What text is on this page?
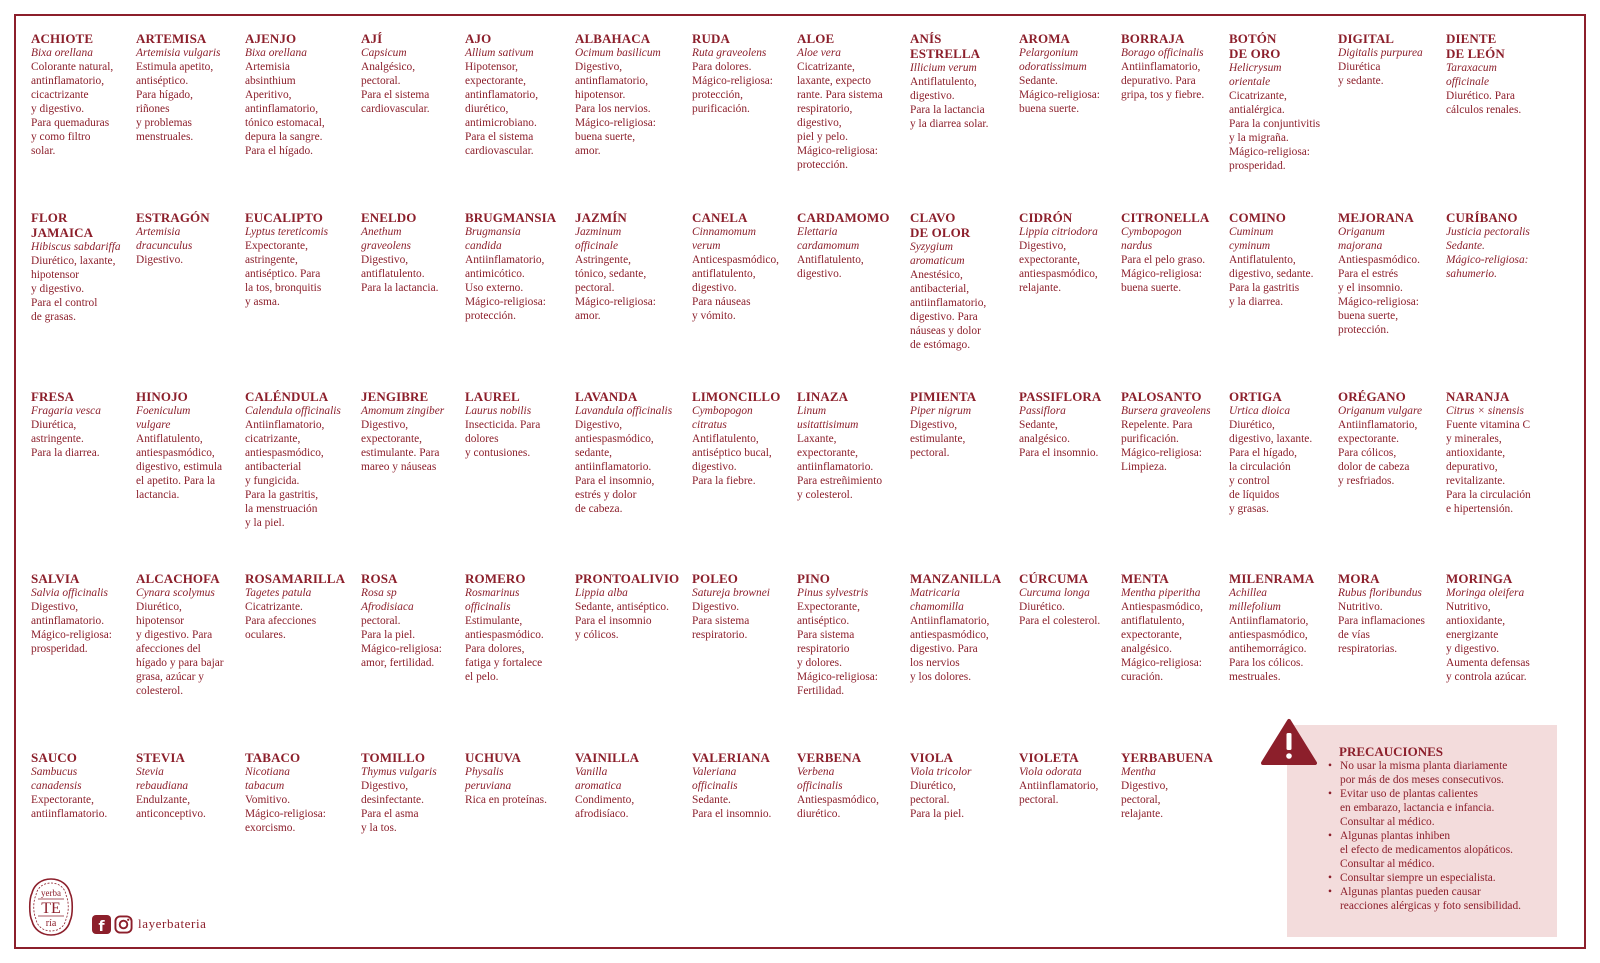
ACHIOTE
Bixa orellana
Colorante natural,
antinflamatorio,
cicactrizante
y digestivo.
Para quemaduras
y como filtro
solar.
ARTEMISA
Artemisia vulgaris
Estimula apetito,
antiséptico.
Para hígado,
riñones
y problemas
menstruales.
AJENJO
Bixa orellana
Artemisia
absinthium
Aperitivo,
antinflamatorio,
tónico estomacal,
depura la sangre.
Para el hígado.
AJÍ
Capsicum
Analgésico,
pectoral.
Para el sistema
cardiovascular.
AJO
Allium sativum
Hipotensor,
expectorante,
antinflamatorio,
diurético,
antimicrobiano.
Para el sistema
cardiovascular.
ALBAHACA
Ocimum basilicum
Digestivo,
antinflamatorio,
hipotensor.
Para los nervios.
Mágico-religiosa:
buena suerte,
amor.
RUDA
Ruta graveolens
Para dolores.
Mágico-religiosa:
protección,
purificación.
ALOE
Aloe vera
Cicatrizante,
laxante, expecto
rante. Para sistema
respiratorio,
digestivo,
piel y pelo.
Mágico-religiosa:
protección.
ANÍS
ESTRELLA
Illicium verum
Antiflatulento,
digestivo.
Para la lactancia
y la diarrea solar.
AROMA
Pelargonium
odoratissimum
Sedante.
Mágico-religiosa:
buena suerte.
BORRAJA
Borago officinalis
Antiinflamatorio,
depurativo. Para
gripa, tos y fiebre.
BOTÓN
DE ORO
Helicrysum
orientale
Cicatrizante,
antialérgica.
Para la conjuntivitis
y la migraña.
Mágico-religiosa:
prosperidad.
DIGITAL
Digitalis purpurea
Diurética
y sedante.
DIENTE
DE LEÓN
Taraxacum
officinale
Diurético. Para
cálculos renales.
FLOR
JAMAICA
Hibiscus sabdariffa
Diurético, laxante,
hipotensor
y digestivo.
Para el control
de grasas.
ESTRAGÓN
Artemisia
dracunculus
Digestivo.
EUCALIPTO
Lyptus tereticomis
Expectorante,
astringente,
antiséptico. Para
la tos, bronquitis
y asma.
ENELDO
Anethum
graveolens
Digestivo,
antiflatulento.
Para la lactancia.
BRUGMANSIA
Brugmansia
candida
Antiinflamatorio,
antimicótico.
Uso externo.
Mágico-religiosa:
protección.
JAZMÍN
Jazminum
officinale
Astringente,
tónico, sedante,
pectoral.
Mágico-religiosa:
amor.
CANELA
Cinnamomum
verum
Anticespasmódico,
antiflatulento,
digestivo.
Para náuseas
y vómito.
CARDAMOMO
Elettaria
cardamomum
Antiflatulento,
digestivo.
CLAVO
DE OLOR
Syzygium
aromaticum
Anestésico,
antibacterial,
antiinflamatorio,
digestivo. Para
náuseas y dolor
de estómago.
CIDRÓN
Lippia citriodora
Digestivo,
expectorante,
antiespasmódico,
relajante.
CITRONELLA
Cymbopogon
nardus
Para el pelo graso.
Mágico-religiosa:
buena suerte.
COMINO
Cuminum
cyminum
Antiflatulento,
digestivo, sedante.
Para la gastritis
y la diarrea.
MEJORANA
Origanum
majorana
Antiespasmódico.
Para el estrés
y el insomnio.
Mágico-religiosa:
buena suerte,
protección.
CURÍBANO
Justicia pectoralis
Sedante.
Mágico-religiosa:
sahumerio.
FRESA
Fragaria vesca
Diurética,
astringente.
Para la diarrea.
HINOJO
Foeniculum
vulgare
Antiflatulento,
antiespasmódico,
digestivo, estimula
el apetito. Para la
lactancia.
CALÉNDULA
Calendula officinalis
Antiinflamatorio,
cicatrizante,
antiespasmódico,
antibacterial
y fungicida.
Para la gastritis,
la menstruación
y la piel.
JENGIBRE
Amomum zingiber
Digestivo,
expectorante,
estimulante. Para
mareo y náuseas
LAUREL
Laurus nobilis
Insecticida. Para
dolores
y contusiones.
LAVANDA
Lavandula officinalis
Digestivo,
antiespasmódico,
sedante,
antiinflamatorio.
Para el insomnio,
estrés y dolor
de cabeza.
LIMONCILLO
Cymbopogon
citratus
Antiflatulento,
antiséptico bucal,
digestivo.
Para la fiebre.
LINAZA
Linum
usitattisimum
Laxante,
expectorante,
antiinflamatorio.
Para estreñimiento
y colesterol.
PIMIENTA
Piper nigrum
Digestivo,
estimulante,
pectoral.
PASSIFLORA
Passiflora
Sedante,
analgésico.
Para el insomnio.
PALOSANTO
Bursera graveolens
Repelente. Para
purificación.
Mágico-religiosa:
Limpieza.
ORTIGA
Urtica dioica
Diurético,
digestivo, laxante.
Para el hígado,
la circulación
y control
de líquidos
y grasas.
ORÉGANO
Origanum vulgare
Antiinflamatorio,
expectorante.
Para cólicos,
dolor de cabeza
y resfriados.
NARANJA
Citrus × sinensis
Fuente vitamina C
y minerales,
antioxidante,
depurativo,
revitalizante.
Para la circulación
e hipertensión.
SALVIA
Salvia officinalis
Digestivo,
antinflamatorio.
Mágico-religiosa:
prosperidad.
ALCACHOFA
Cynara scolymus
Diurético,
hipotensor
y digestivo. Para
afecciones del
hígado y para bajar
grasa, azúcar y
colesterol.
ROSAMARILLA
Tagetes patula
Cicatrizante.
Para afecciones
oculares.
ROSA
Rosa sp
Afrodisiaca
pectoral.
Para la piel.
Mágico-religiosa:
amor, fertilidad.
ROMERO
Rosmarinus
officinalis
Estimulante,
antiespasmódico.
Para dolores,
fatiga y fortalece
el pelo.
PRONTOALIVIO
Lippia alba
Sedante, antiséptico.
Para el insomnio
y cólicos.
POLEO
Satureja brownei
Digestivo.
Para sistema
respiratorio.
PINO
Pinus sylvestris
Expectorante,
antiséptico.
Para sistema
respiratorio
y dolores.
Mágico-religiosa:
Fertilidad.
MANZANILLA
Matricaria
chamomilla
Antiinflamatorio,
antiespasmódico,
digestivo. Para
los nervios
y los dolores.
CÚRCUMA
Curcuma longa
Diurético.
Para el colesterol.
MENTA
Mentha piperitha
Antiespasmódico,
antiflatulento,
expectorante,
analgésico.
Mágico-religiosa:
curación.
MILENRAMA
Achillea
millefolium
Antiinflamatorio,
antiespasmódico,
antihemorrágico.
Para los cólicos.
mestruales.
MORA
Rubus floribundus
Nutritivo.
Para inflamaciones
de vías
respiratorias.
MORINGA
Moringa oleifera
Nutritivo,
antioxidante,
energizante
y digestivo.
Aumenta defensas
y controla azúcar.
SAUCO
Sambucus
canadensis
Expectorante,
antiinflamatorio.
STEVIA
Stevia
rebaudiana
Endulzante,
anticonceptivo.
TABACO
Nicotiana
tabacum
Vomitivo.
Mágico-religiosa:
exorcismo.
TOMILLO
Thymus vulgaris
Digestivo,
desinfectante.
Para el asma
y la tos.
UCHUVA
Physalis
peruviana
Rica en proteínas.
VAINILLA
Vanilla
aromatica
Condimento,
afrodisíaco.
VALERIANA
Valeriana
officinalis
Sedante.
Para el insomnio.
VERBENA
Verbena
officinalis
Antiespasmódico,
diurético.
VIOLA
Viola tricolor
Diurético,
pectoral.
Para la piel.
VIOLETA
Viola odorata
Antiinflamatorio,
pectoral.
YERBABUENA
Mentha
Digestivo,
pectoral,
relajante.
PRECAUCIONES
• No usar la misma planta diariamente
por más de dos meses consecutivos.
• Evitar uso de plantas calientes
en embarazo, lactancia e infancia.
Consultar al médico.
• Algunas plantas inhiben
el efecto de medicamentos alopáticos.
Consultar al médico.
• Consultar siempre un especialista.
• Algunas plantas pueden causar
reacciones alérgicas y foto sensibilidad.
yerba
TE
ría	f	layerbateria
